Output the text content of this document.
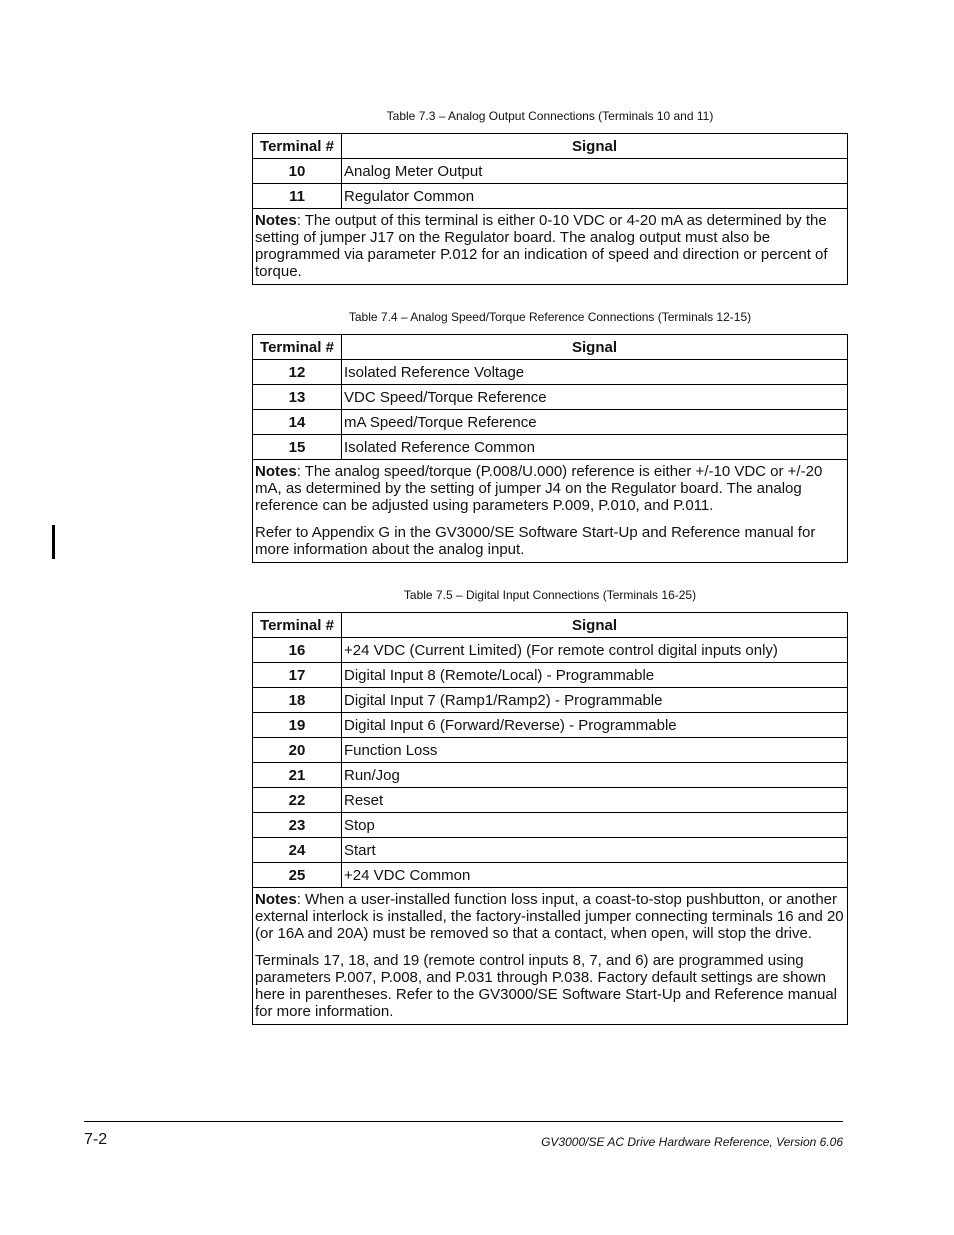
Table 7.3 – Analog Output Connections (Terminals 10 and 11)
Terminal #	Signal
10	Analog Meter Output
11	Regulator Common

Notes: The output of this terminal is either 0-10 VDC or 4-20 mA as determined by the setting of jumper J17 on the Regulator board. The analog output must also be programmed via parameter P.012 for an indication of speed and direction or percent of torque.	

Table 7.4 – Analog Speed/Torque Reference Connections (Terminals 12-15)
Terminal #	Signal
12	Isolated Reference Voltage
13	VDC Speed/Torque Reference
14	mA Speed/Torque Reference
15	Isolated Reference Common

Notes: The analog speed/torque (P.008/U.000) reference is either +/-10 VDC or +/-20 mA, as determined by the setting of jumper J4 on the Regulator board. The analog reference can be adjusted using parameters P.009, P.010, and P.011.

Refer to Appendix G in the GV3000/SE Software Start-Up and Reference manual for more information about the analog input.	

Table 7.5 – Digital Input Connections (Terminals 16-25)
Terminal #	Signal
16	+24 VDC (Current Limited) (For remote control digital inputs only)
17	Digital Input 8 (Remote/Local) - Programmable
18	Digital Input 7 (Ramp1/Ramp2) - Programmable
19	Digital Input 6 (Forward/Reverse) - Programmable
20	Function Loss
21	Run/Jog
22	Reset
23	Stop
24	Start
25	+24 VDC Common

Notes: When a user-installed function loss input, a coast-to-stop pushbutton, or another external interlock is installed, the factory-installed jumper connecting terminals 16 and 20 (or 16A and 20A) must be removed so that a contact, when open, will stop the drive.

Terminals 17, 18, and 19 (remote control inputs 8, 7, and 6) are programmed using parameters P.007, P.008, and P.031 through P.038. Factory default settings are shown here in parentheses. Refer to the GV3000/SE Software Start-Up and Reference manual for more information.	

7-2	GV3000/SE AC Drive Hardware Reference, Version 6.06
